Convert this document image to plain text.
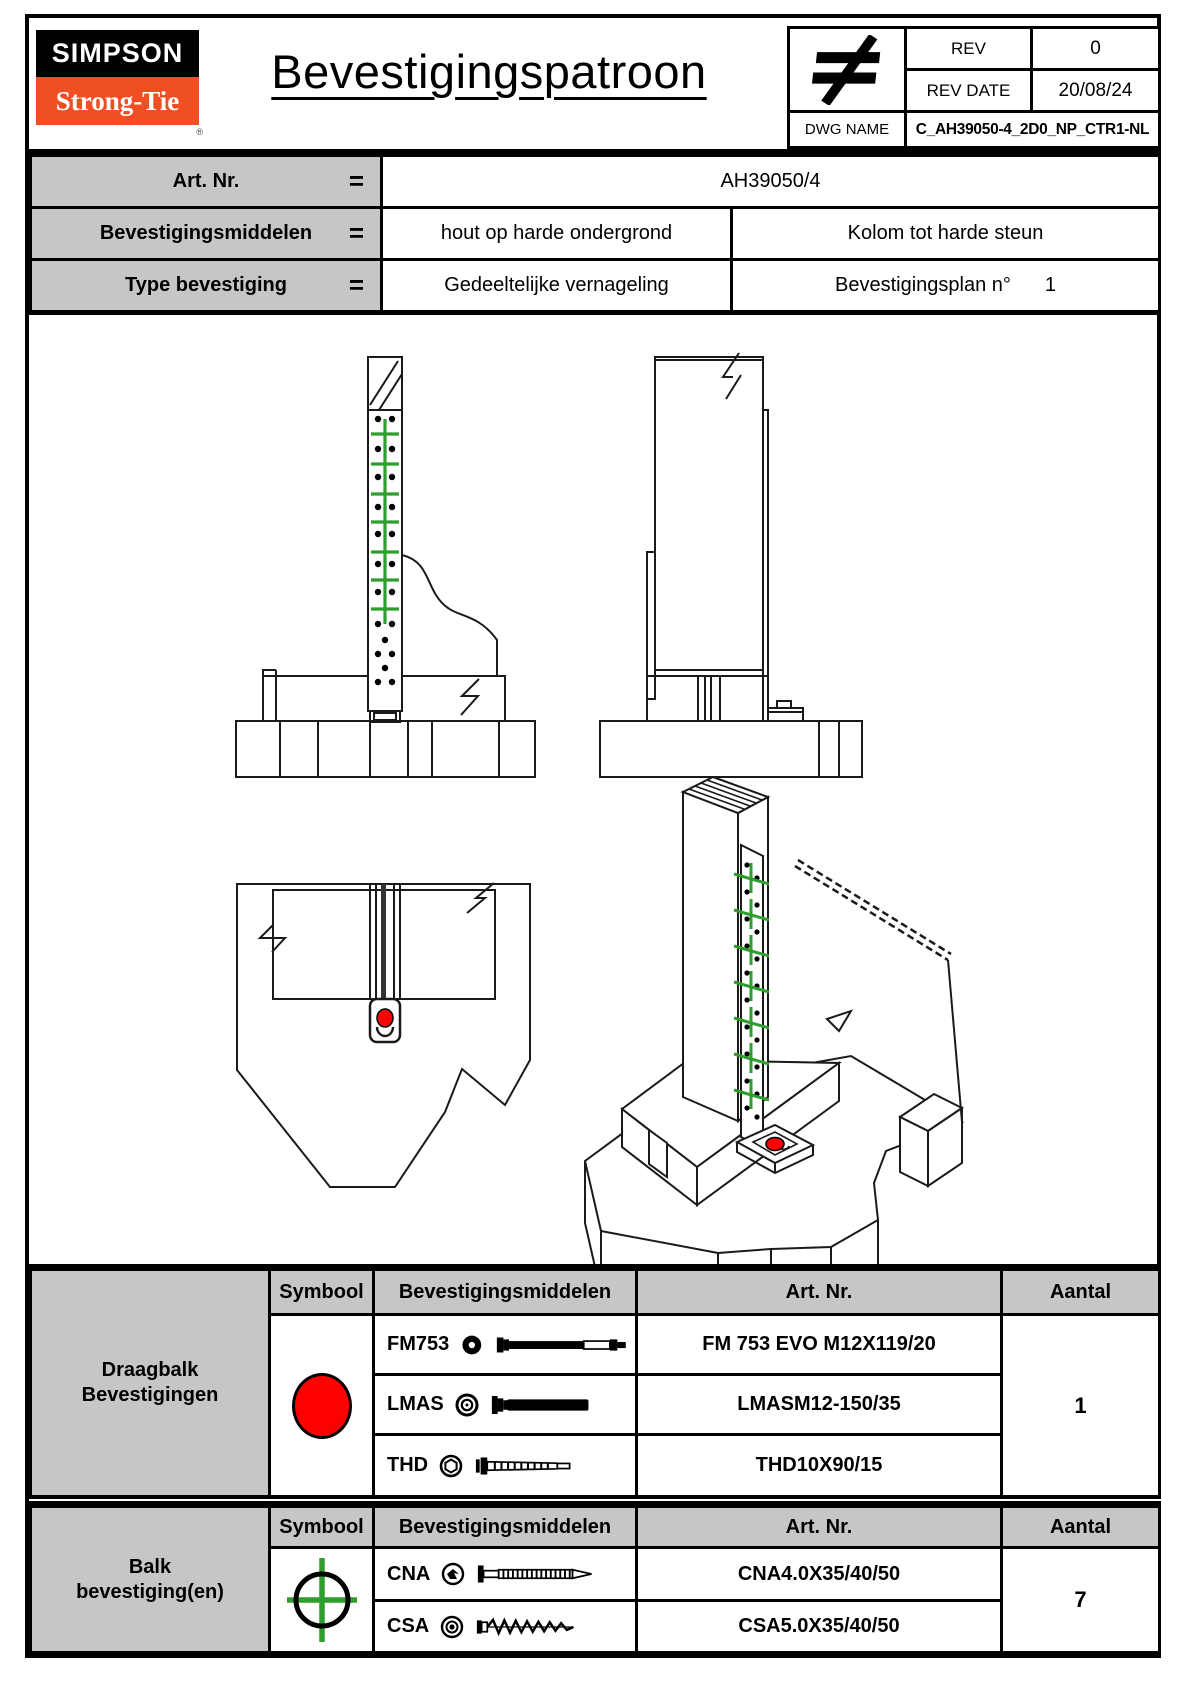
SIMPSON
Strong-Tie
®
Bevestigingspatroon	REV	0
REV DATE	20/08/24
DWG NAME	C_AH39050-4_2D0_NP_CTR1-NL
Art. Nr.	=	AH39050/4
Bevestigingsmiddelen =	hout op harde ondergrond	Kolom tot harde steun
Type bevestiging =	Gedeeltelijke vernageling	Bevestigingsplan n° 1
Draagbalk
Bevestigingen
Symbool	Bevestigingsmiddelen	Art. Nr.	Aantal
FM753	FM 753 EVO M12X119/20
LMAS	LMASM12-150/35
THD	THD10X90/15
1
Balk
bevestiging(en)
Symbool	Bevestigingsmiddelen	Art. Nr.	Aantal
CNA	CNA4.0X35/40/50
CSA	CSA5.0X35/40/50
7
